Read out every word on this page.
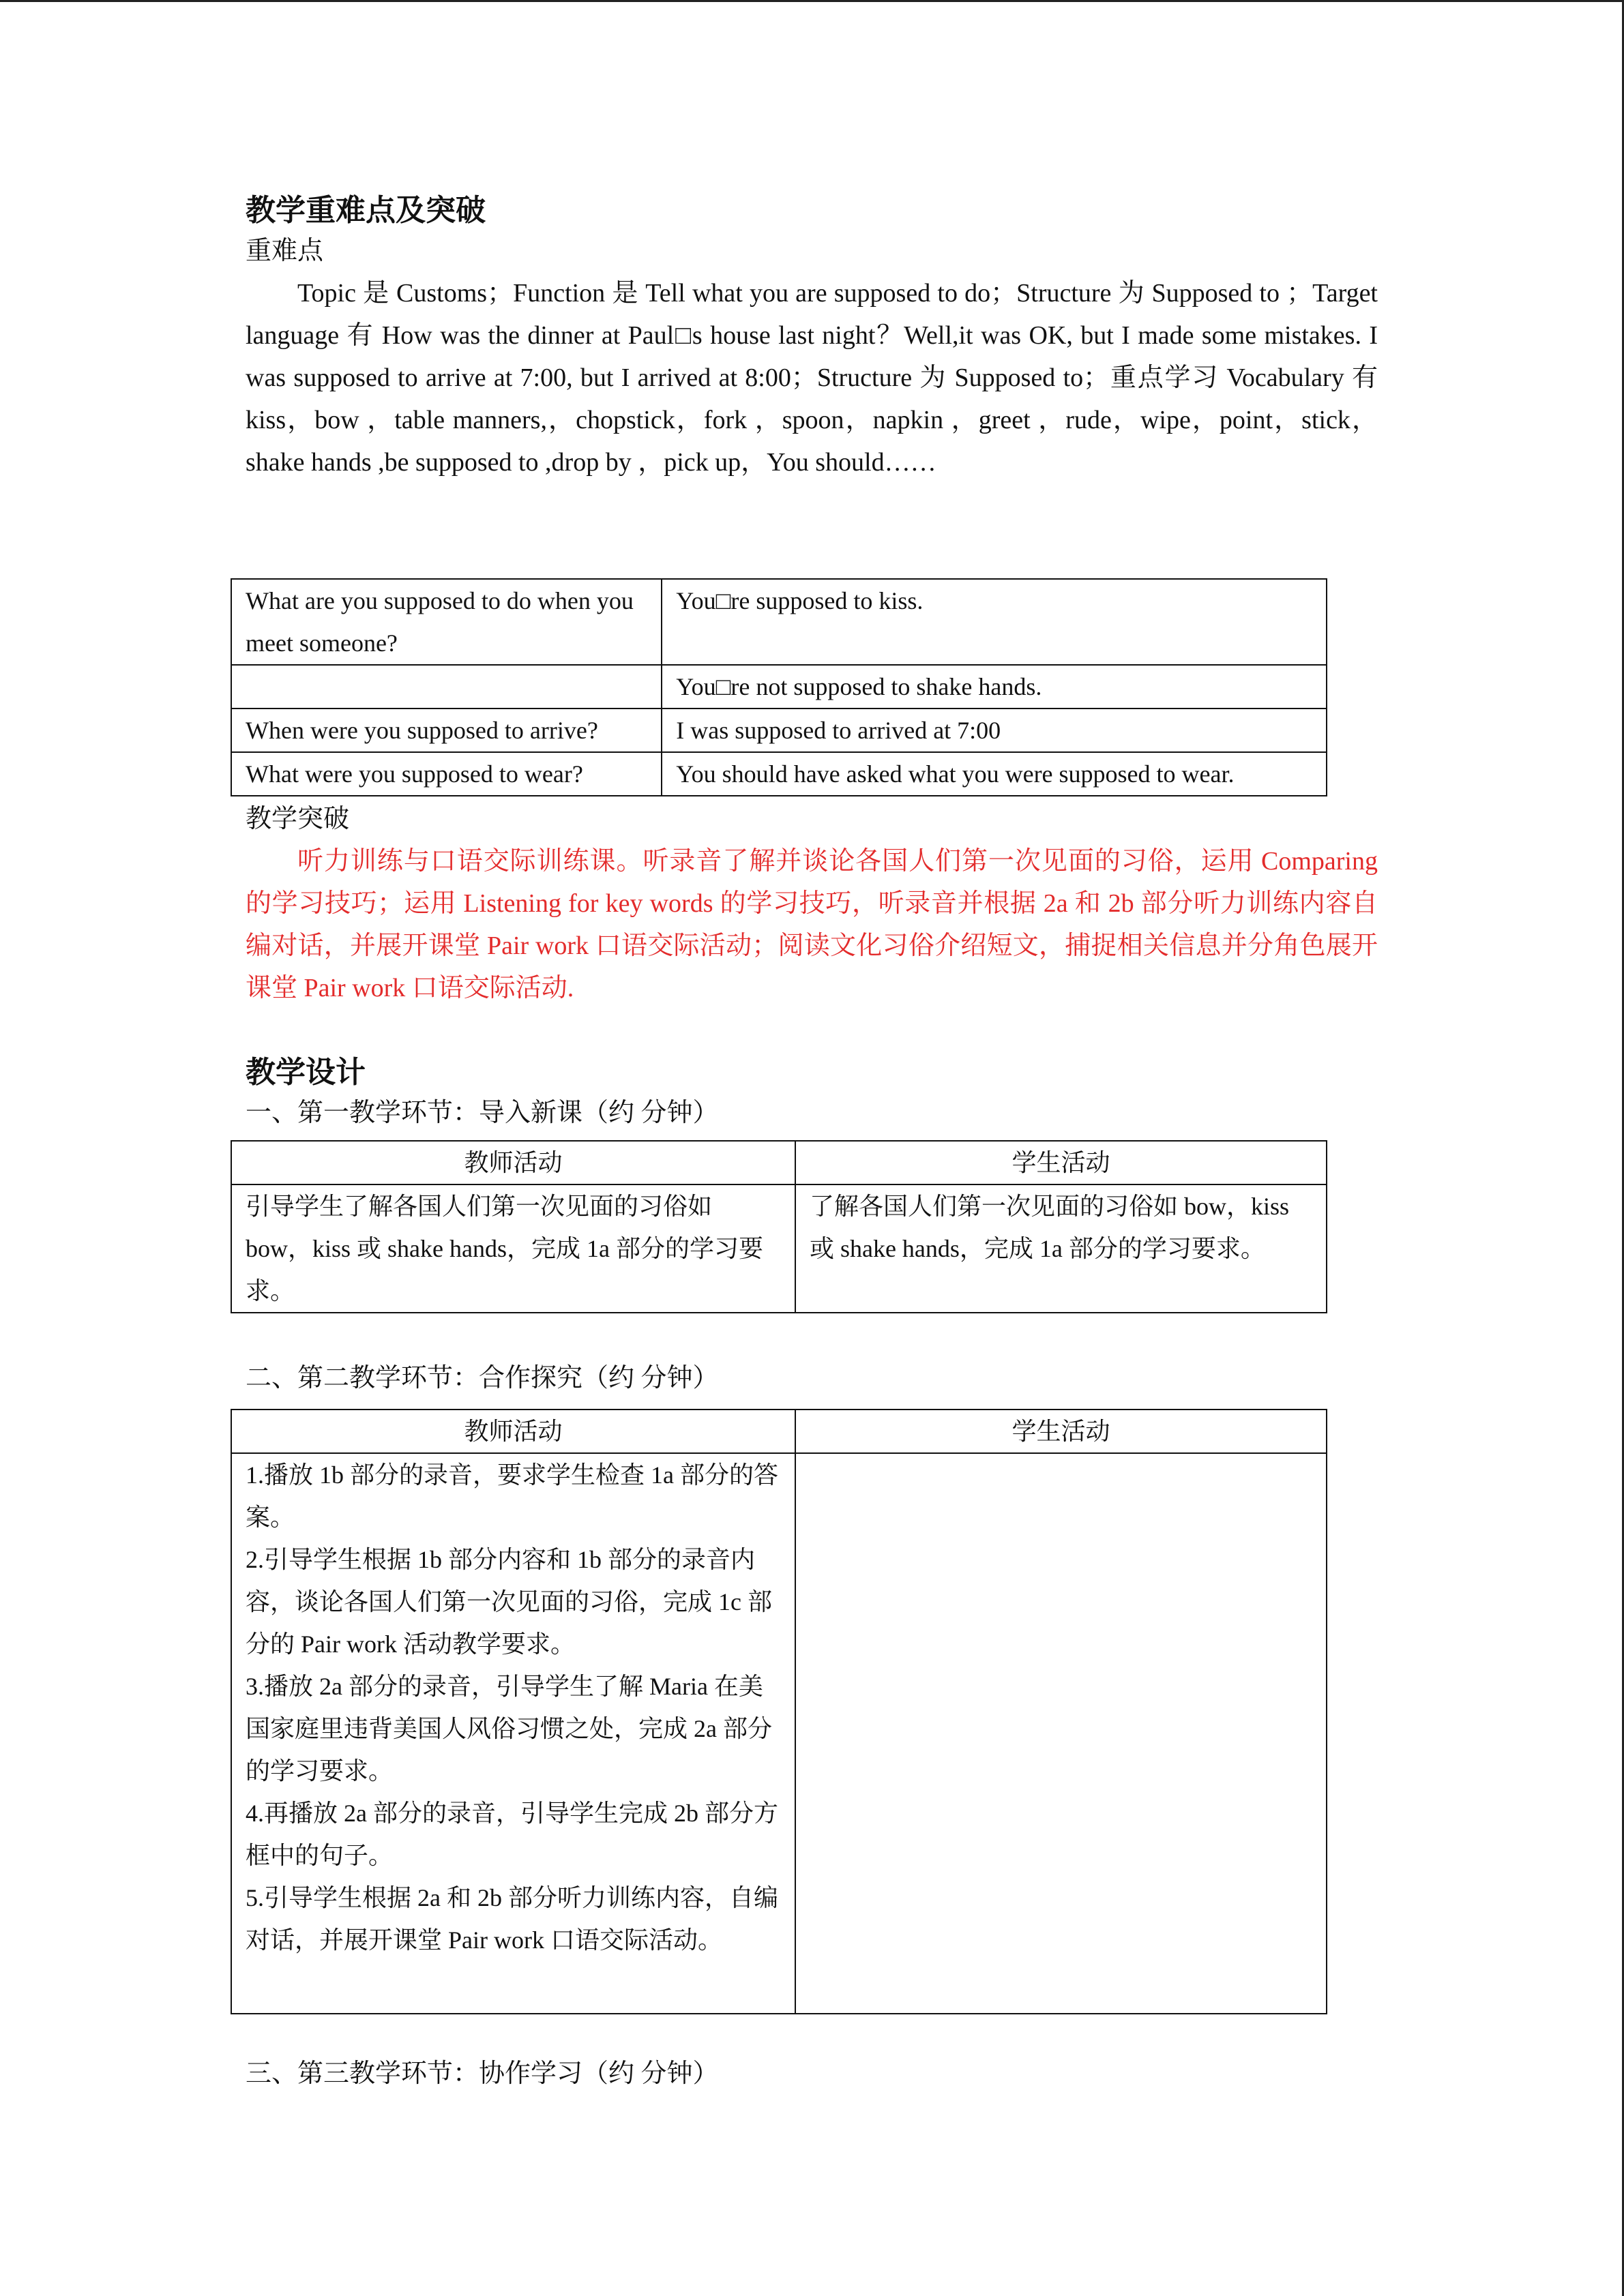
教学重难点及突破
重难点
Topic 是 Customs；Function 是 Tell what you are supposed to do；Structure 为 Supposed to ；Target language 有 How was the dinner at Paul□s house last night？Well,it was OK, but I made some mistakes. I was supposed to arrive at 7:00, but I arrived at 8:00；Structure 为 Supposed to；重点学习 Vocabulary 有 kiss，bow ，table manners,，chopstick，fork ，spoon，napkin ，greet ，rude，wipe，point，stick，shake hands ,be supposed to ,drop by ，pick up，You should……
What are you supposed to do when you meet someone?	You□re supposed to kiss.
	You□re not supposed to shake hands.
When were you supposed to arrive?	I was supposed to arrived at 7:00
What were you supposed to wear?	You should have asked what you were supposed to wear.
教学突破
听力训练与口语交际训练课。听录音了解并谈论各国人们第一次见面的习俗，运用 Comparing 的学习技巧；运用 Listening for key words 的学习技巧，听录音并根据 2a 和 2b 部分听力训练内容自编对话，并展开课堂 Pair work 口语交际活动；阅读文化习俗介绍短文，捕捉相关信息并分角色展开课堂 Pair work 口语交际活动.
教学设计
一、第一教学环节：导入新课（约 分钟）
教师活动	学生活动
引导学生了解各国人们第一次见面的习俗如 bow，kiss 或 shake hands，完成 1a 部分的学习要求。	了解各国人们第一次见面的习俗如 bow，kiss 或 shake hands，完成 1a 部分的学习要求。
二、第二教学环节：合作探究（约 分钟）
教师活动	学生活动

1.播放 1b 部分的录音，要求学生检查 1a 部分的答案。
2.引导学生根据 1b 部分内容和 1b 部分的录音内容，谈论各国人们第一次见面的习俗，完成 1c 部分的 Pair work 活动教学要求。
3.播放 2a 部分的录音，引导学生了解 Maria 在美国家庭里违背美国人风俗习惯之处，完成 2a 部分的学习要求。
4.再播放 2a 部分的录音，引导学生完成 2b 部分方框中的句子。
5.引导学生根据 2a 和 2b 部分听力训练内容，自编对话，并展开课堂 Pair work 口语交际活动。	

三、第三教学环节：协作学习（约 分钟）
